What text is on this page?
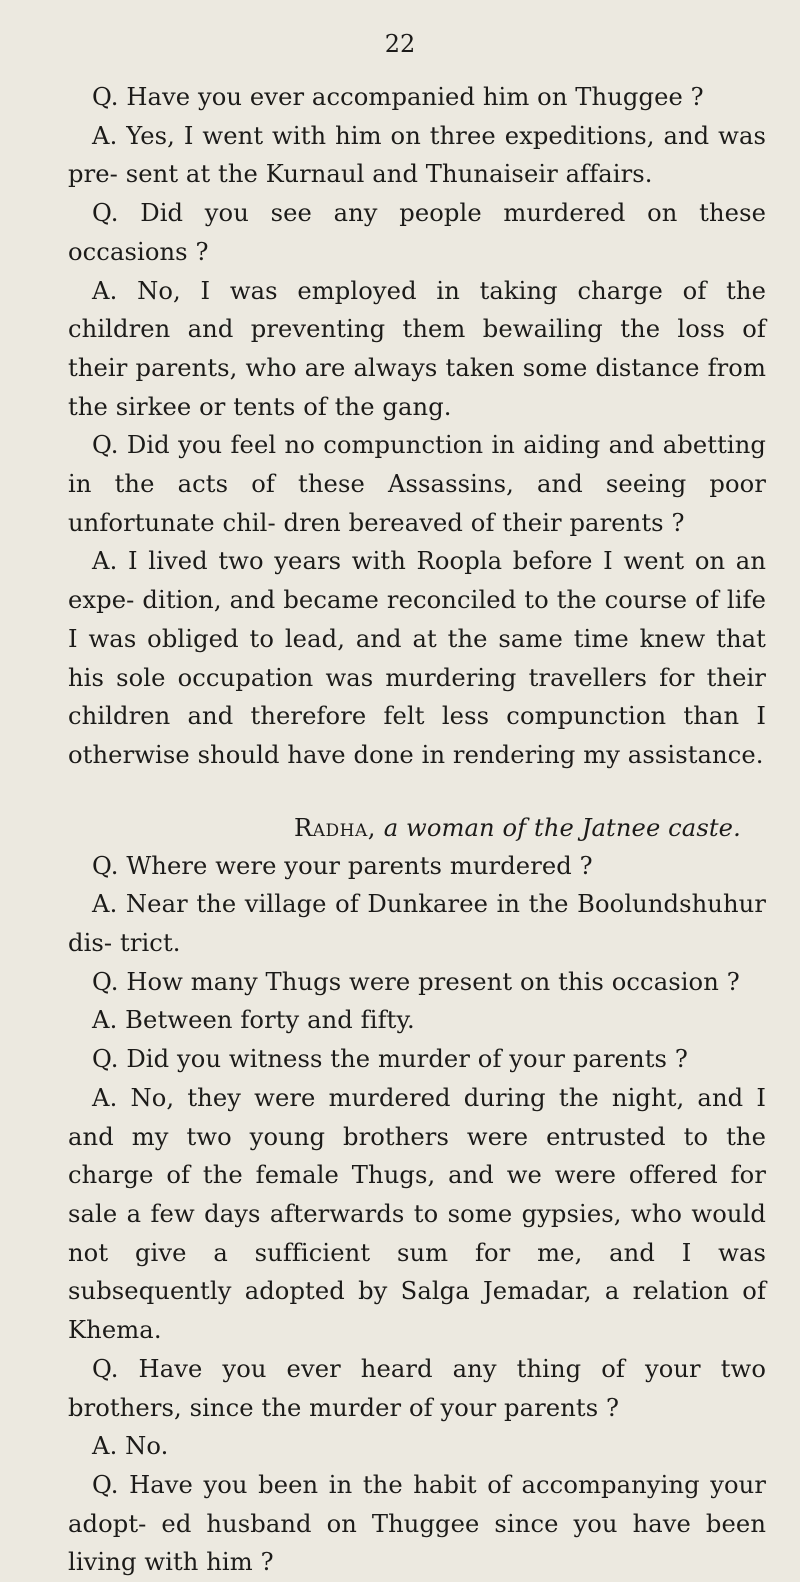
22

Q. Have you ever accompanied him on Thuggee ?

A. Yes, I went with him on three expeditions, and was pre- sent at the Kurnaul and Thunaiseir affairs.

Q. Did you see any people murdered on these occasions ?

A. No, I was employed in taking charge of the children and preventing them bewailing the loss of their parents, who are always taken some distance from the sirkee or tents of the gang.

Q. Did you feel no compunction in aiding and abetting in the acts of these Assassins, and seeing poor unfortunate chil- dren bereaved of their parents ?

A. I lived two years with Roopla before I went on an expe- dition, and became reconciled to the course of life I was obliged to lead, and at the same time knew that his sole occupation was murdering travellers for their children and therefore felt less compunction than I otherwise should have done in rendering my assistance.

Radha, a woman of the Jatnee caste.

Q. Where were your parents murdered ?

A. Near the village of Dunkaree in the Boolundshuhur dis- trict.

Q. How many Thugs were present on this occasion ?

A. Between forty and fifty.

Q. Did you witness the murder of your parents ?

A. No, they were murdered during the night, and I and my two young brothers were entrusted to the charge of the female Thugs, and we were offered for sale a few days afterwards to some gypsies, who would not give a sufficient sum for me, and I was subsequently adopted by Salga Jemadar, a relation of Khema.

Q. Have you ever heard any thing of your two brothers, since the murder of your parents ?

A. No.

Q. Have you been in the habit of accompanying your adopt- ed husband on Thuggee since you have been living with him ?
